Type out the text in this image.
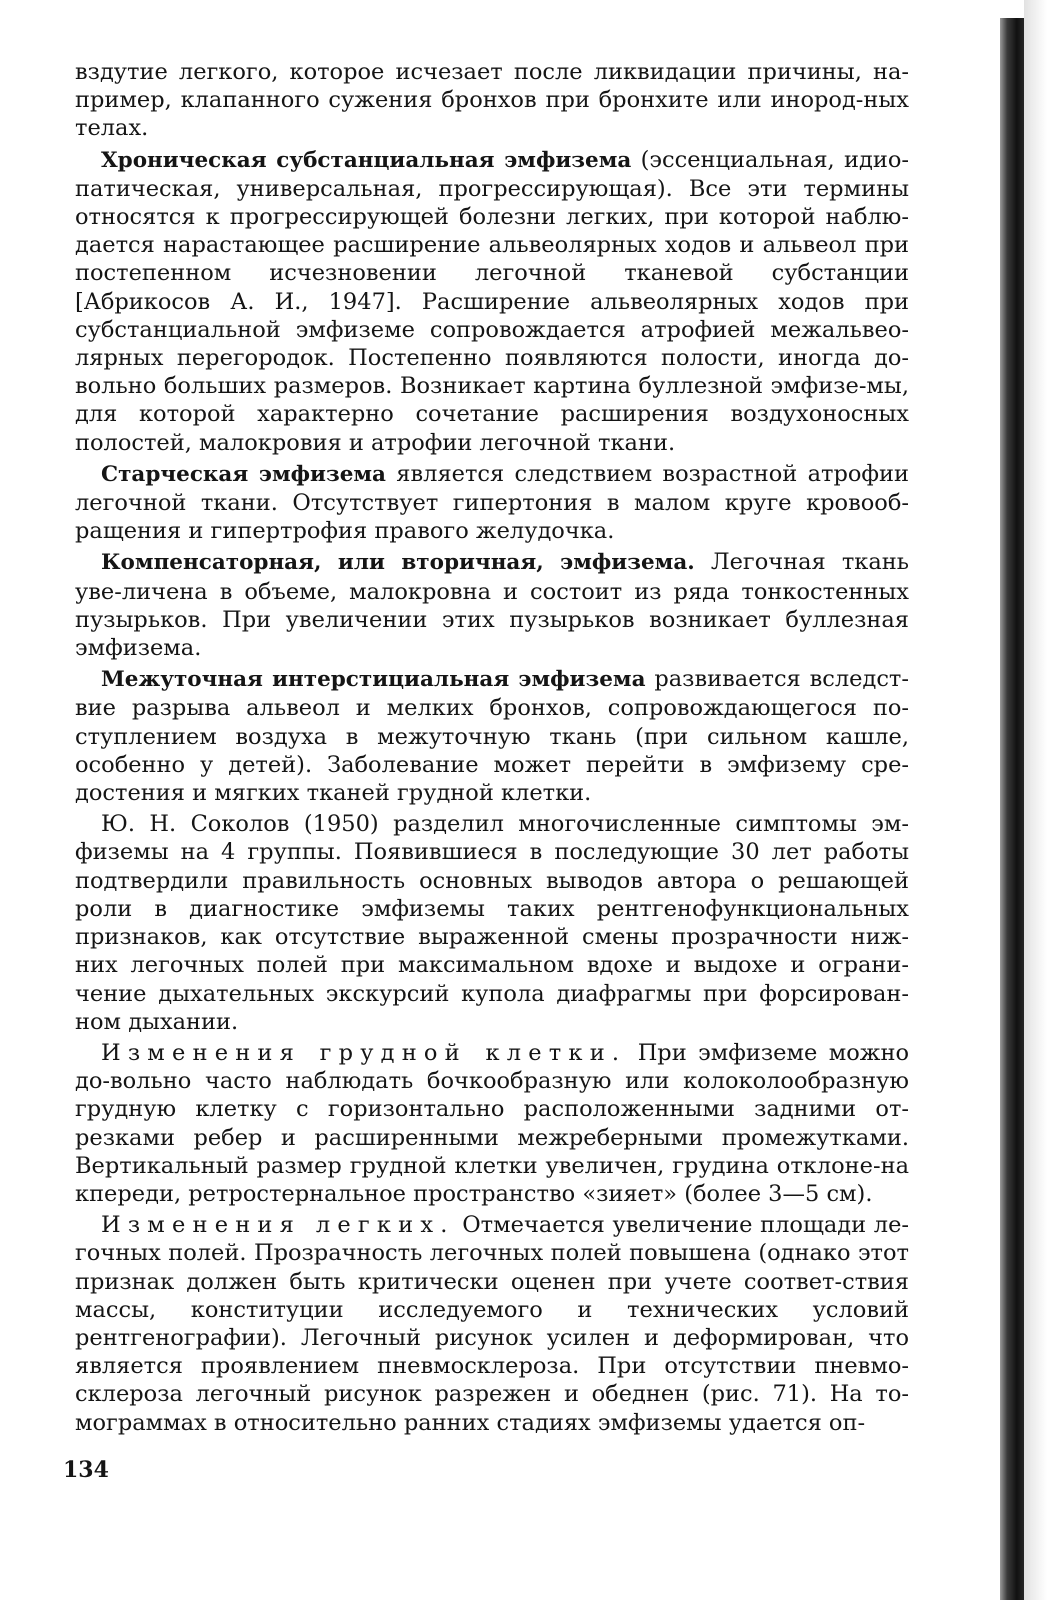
вздутие легкого, которое исчезает после ликвидации причины, на-пример, клапанного сужения бронхов при бронхите или инород-ных телах.

Хроническая субстанциальная эмфизема (эссенциальная, идио-патическая, универсальная, прогрессирующая). Все эти термины относятся к прогрессирующей болезни легких, при которой наблю-дается нарастающее расширение альвеолярных ходов и альвеол при постепенном исчезновении легочной тканевой субстанции [Абрикосов А. И., 1947]. Расширение альвеолярных ходов при субстанциальной эмфиземе сопровождается атрофией межальвео-лярных перегородок. Постепенно появляются полости, иногда до-вольно больших размеров. Возникает картина буллезной эмфизе-мы, для которой характерно сочетание расширения воздухоносных полостей, малокровия и атрофии легочной ткани.

Старческая эмфизема является следствием возрастной атрофии легочной ткани. Отсутствует гипертония в малом круге кровооб-ращения и гипертрофия правого желудочка.

Компенсаторная, или вторичная, эмфизема. Легочная ткань уве-личена в объеме, малокровна и состоит из ряда тонкостенных пузырьков. При увеличении этих пузырьков возникает буллезная эмфизема.

Межуточная интерстициальная эмфизема развивается вследст-вие разрыва альвеол и мелких бронхов, сопровождающегося по-ступлением воздуха в межуточную ткань (при сильном кашле, особенно у детей). Заболевание может перейти в эмфизему сре-достения и мягких тканей грудной клетки.

Ю. Н. Соколов (1950) разделил многочисленные симптомы эм-физемы на 4 группы. Появившиеся в последующие 30 лет работы подтвердили правильность основных выводов автора о решающей роли в диагностике эмфиземы таких рентгенофункциональных признаков, как отсутствие выраженной смены прозрачности ниж-них легочных полей при максимальном вдохе и выдохе и ограни-чение дыхательных экскурсий купола диафрагмы при форсирован-ном дыхании.

Изменения грудной клетки. При эмфиземе можно до-вольно часто наблюдать бочкообразную или колоколообразную грудную клетку с горизонтально расположенными задними от-резками ребер и расширенными межреберными промежутками. Вертикальный размер грудной клетки увеличен, грудина отклоне-на кпереди, ретростернальное пространство «зияет» (более 3—5 см).

Изменения легких. Отмечается увеличение площади ле-гочных полей. Прозрачность легочных полей повышена (однако этот признак должен быть критически оценен при учете соответ-ствия массы, конституции исследуемого и технических условий рентгенографии). Легочный рисунок усилен и деформирован, что является проявлением пневмосклероза. При отсутствии пневмо-склероза легочный рисунок разрежен и обеднен (рис. 71). На то-мограммах в относительно ранних стадиях эмфиземы удается оп-

134
